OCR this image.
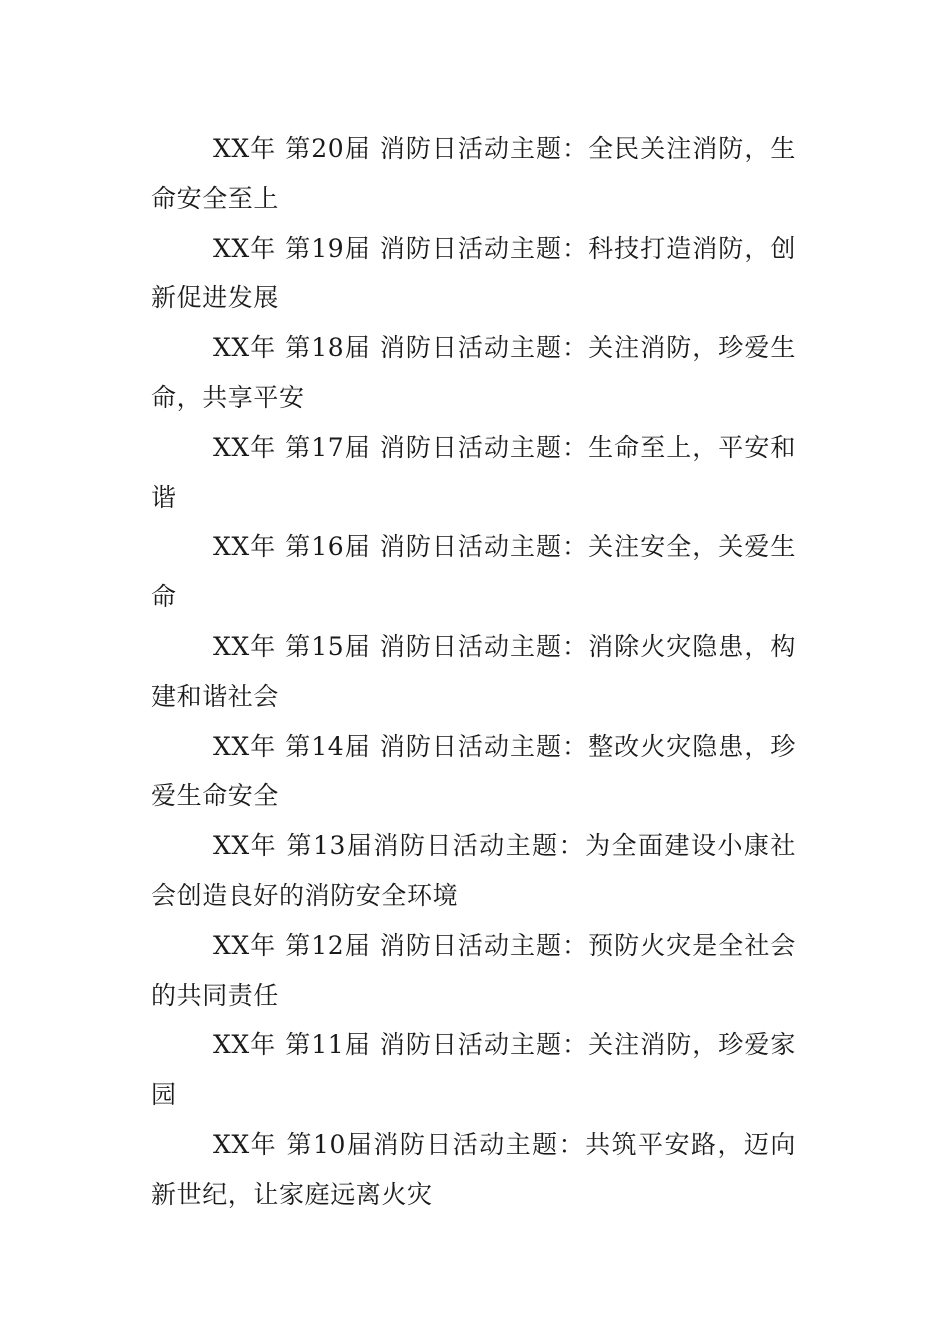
XX年 第20届 消防日活动主题：全民关注消防，生命安全至上

XX年 第19届 消防日活动主题：科技打造消防，创新促进发展

XX年 第18届 消防日活动主题：关注消防，珍爱生命，共享平安

XX年 第17届 消防日活动主题：生命至上，平安和谐

XX年 第16届 消防日活动主题：关注安全，关爱生命

XX年 第15届 消防日活动主题：消除火灾隐患，构建和谐社会

XX年 第14届 消防日活动主题：整改火灾隐患，珍爱生命安全

XX年 第13届消防日活动主题：为全面建设小康社会创造良好的消防安全环境

XX年 第12届 消防日活动主题：预防火灾是全社会的共同责任

XX年 第11届 消防日活动主题：关注消防，珍爱家园

XX年 第10届消防日活动主题：共筑平安路，迈向新世纪，让家庭远离火灾
